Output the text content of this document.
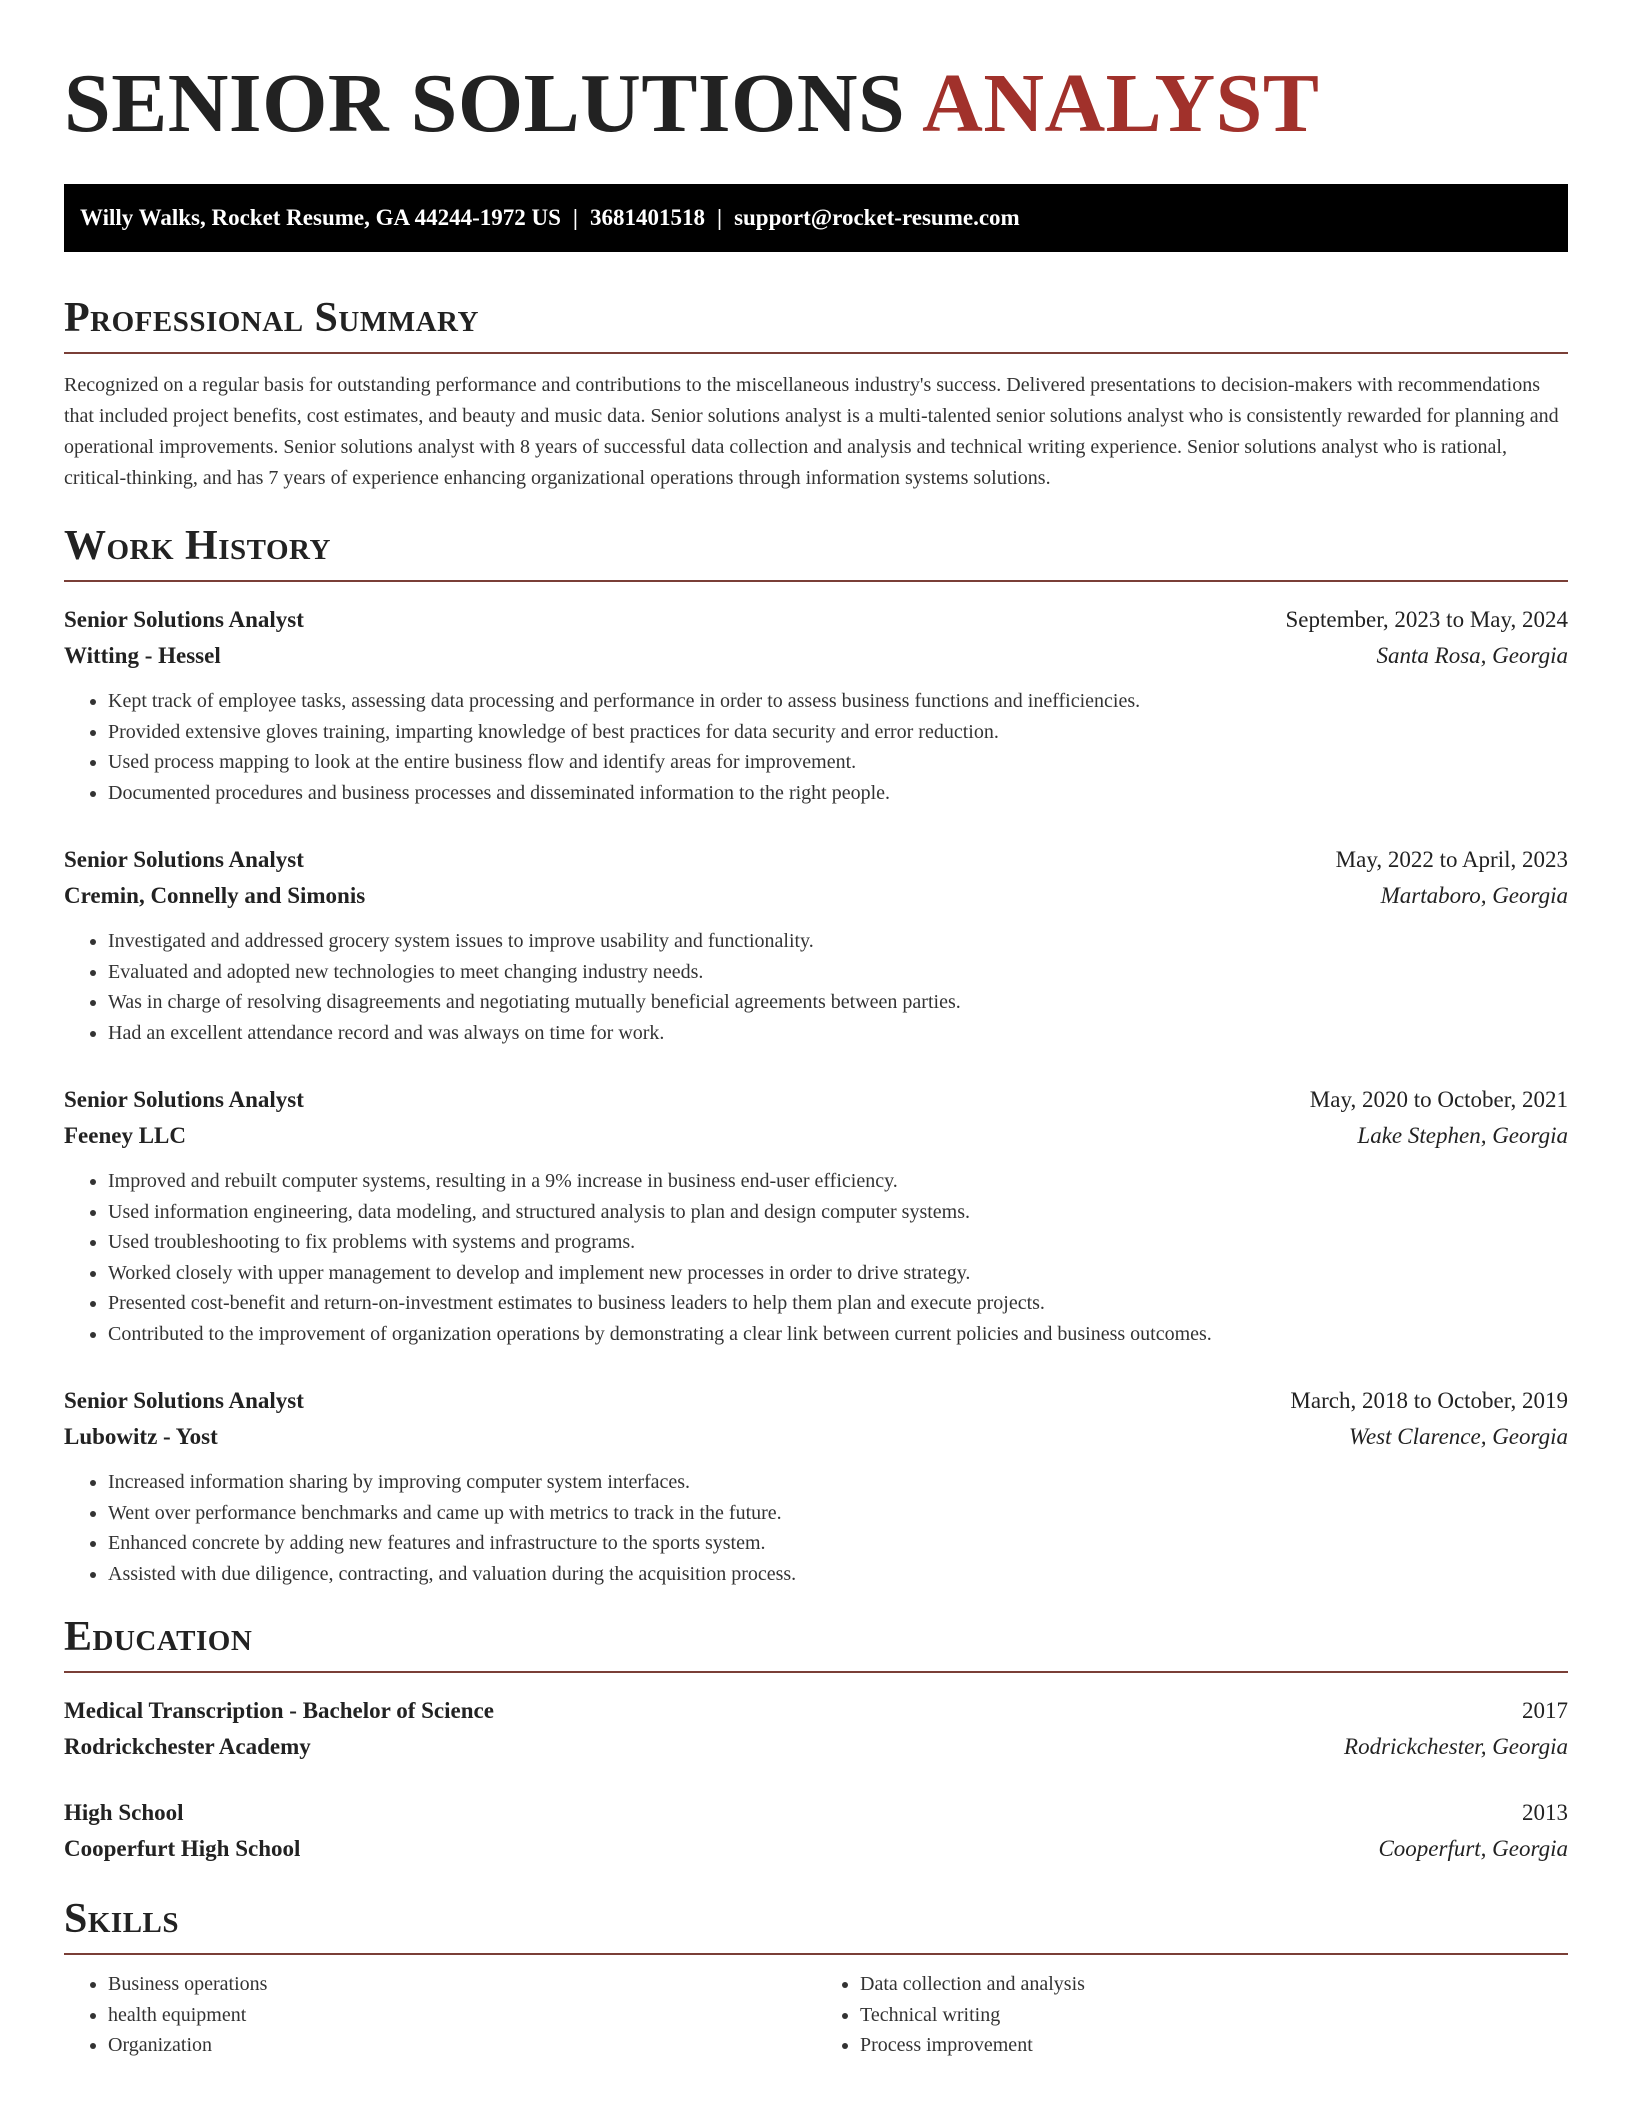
SENIOR SOLUTIONS ANALYST
Willy Walks, Rocket Resume, GA 44244-1972 US | 3681401518 | support@rocket-resume.com
Professional Summary

Recognized on a regular basis for outstanding performance and contributions to the miscellaneous industry's success. Delivered presentations to decision-makers with recommendations that included project benefits, cost estimates, and beauty and music data. Senior solutions analyst is a multi-talented senior solutions analyst who is consistently rewarded for planning and operational improvements. Senior solutions analyst with 8 years of successful data collection and analysis and technical writing experience. Senior solutions analyst who is rational, critical-thinking, and has 7 years of experience enhancing organizational operations through information systems solutions.

Work History
Senior Solutions Analyst	September, 2023 to May, 2024
Witting - Hessel	Santa Rosa, Georgia
• Kept track of employee tasks, assessing data processing and performance in order to assess business functions and inefficiencies.
• Provided extensive gloves training, imparting knowledge of best practices for data security and error reduction.
• Used process mapping to look at the entire business flow and identify areas for improvement.
• Documented procedures and business processes and disseminated information to the right people.
Senior Solutions Analyst	May, 2022 to April, 2023
Cremin, Connelly and Simonis	Martaboro, Georgia
• Investigated and addressed grocery system issues to improve usability and functionality.
• Evaluated and adopted new technologies to meet changing industry needs.
• Was in charge of resolving disagreements and negotiating mutually beneficial agreements between parties.
• Had an excellent attendance record and was always on time for work.
Senior Solutions Analyst	May, 2020 to October, 2021
Feeney LLC	Lake Stephen, Georgia
• Improved and rebuilt computer systems, resulting in a 9% increase in business end-user efficiency.
• Used information engineering, data modeling, and structured analysis to plan and design computer systems.
• Used troubleshooting to fix problems with systems and programs.
• Worked closely with upper management to develop and implement new processes in order to drive strategy.
• Presented cost-benefit and return-on-investment estimates to business leaders to help them plan and execute projects.
• Contributed to the improvement of organization operations by demonstrating a clear link between current policies and business outcomes.
Senior Solutions Analyst	March, 2018 to October, 2019
Lubowitz - Yost	West Clarence, Georgia
• Increased information sharing by improving computer system interfaces.
• Went over performance benchmarks and came up with metrics to track in the future.
• Enhanced concrete by adding new features and infrastructure to the sports system.
• Assisted with due diligence, contracting, and valuation during the acquisition process.
Education
Medical Transcription - Bachelor of Science	2017
Rodrickchester Academy	Rodrickchester, Georgia
High School	2013
Cooperfurt High School	Cooperfurt, Georgia
Skills
• Business operations
• health equipment
• Organization
• Data collection and analysis
• Technical writing
• Process improvement
